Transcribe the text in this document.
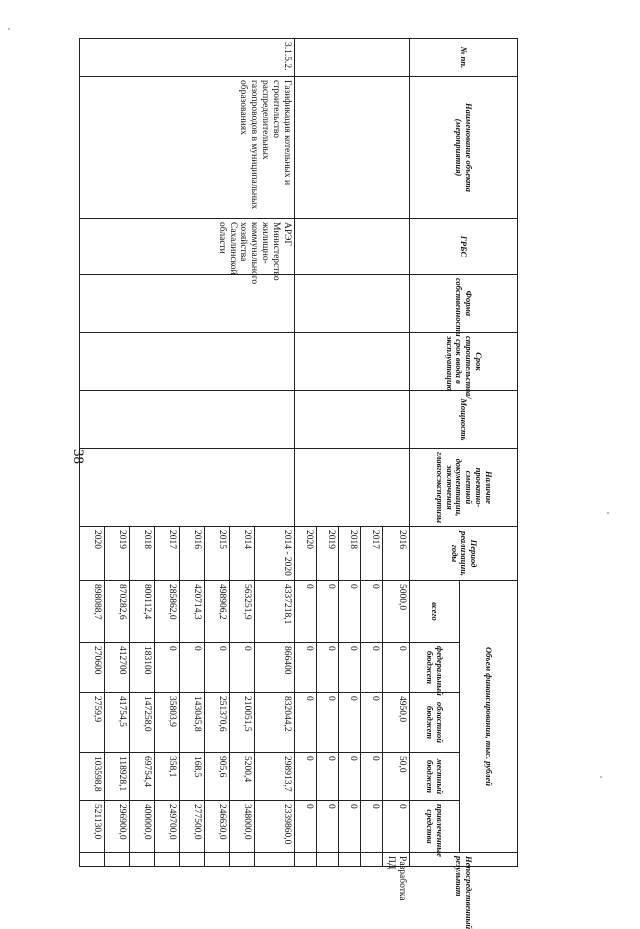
38
№ пп.	Наименование объекта (мероприятия)	ГРБС	Форма собственности	Срок строительства/срок ввода в эксплуатацию	Мощность	Наличие проектно-сметной документации, заключения главгосэкспертизы	Период реализации, годы	Объем финансирования, тыс. рублей					Непосредственный результат
								всего	федеральный бюджет	областной бюджет	местный бюджет	привлеченные средства	
							2016	5000,0	0	4950,0	50,0	0	Разработка ПД
							2017	0	0	0	0	0	
							2018	0	0	0	0	0	
							2019	0	0	0	0	0	
							2020	0	0	0	0	0	
3.1.5.2.	Газификация котельных и строительство распределительных газопроводов в муниципальных образованиях	АРЭГ Министерство жилищно-коммунального хозяйства Сахалинской области					2014 - 2020	4337218,1	866400	832044,2	298913,7	2339860,0	
							2014	563251,9	0	210051,5	5200,4	348000,0	
							2015	498906,2	0	251370,6	905,6	246630,0	
							2016	420714,3	0	143045,8	168,5	277500,0	
							2017	285862,0	0	35803,9	358,1	249700,0	
							2018	800112,4	183100	147258,0	69754,4	400000,0	
							2019	870282,6	412700	41754,5	118928,1	296900,0	
							2020	898088,7	270600	2759,9	103598,8	521130,0	
